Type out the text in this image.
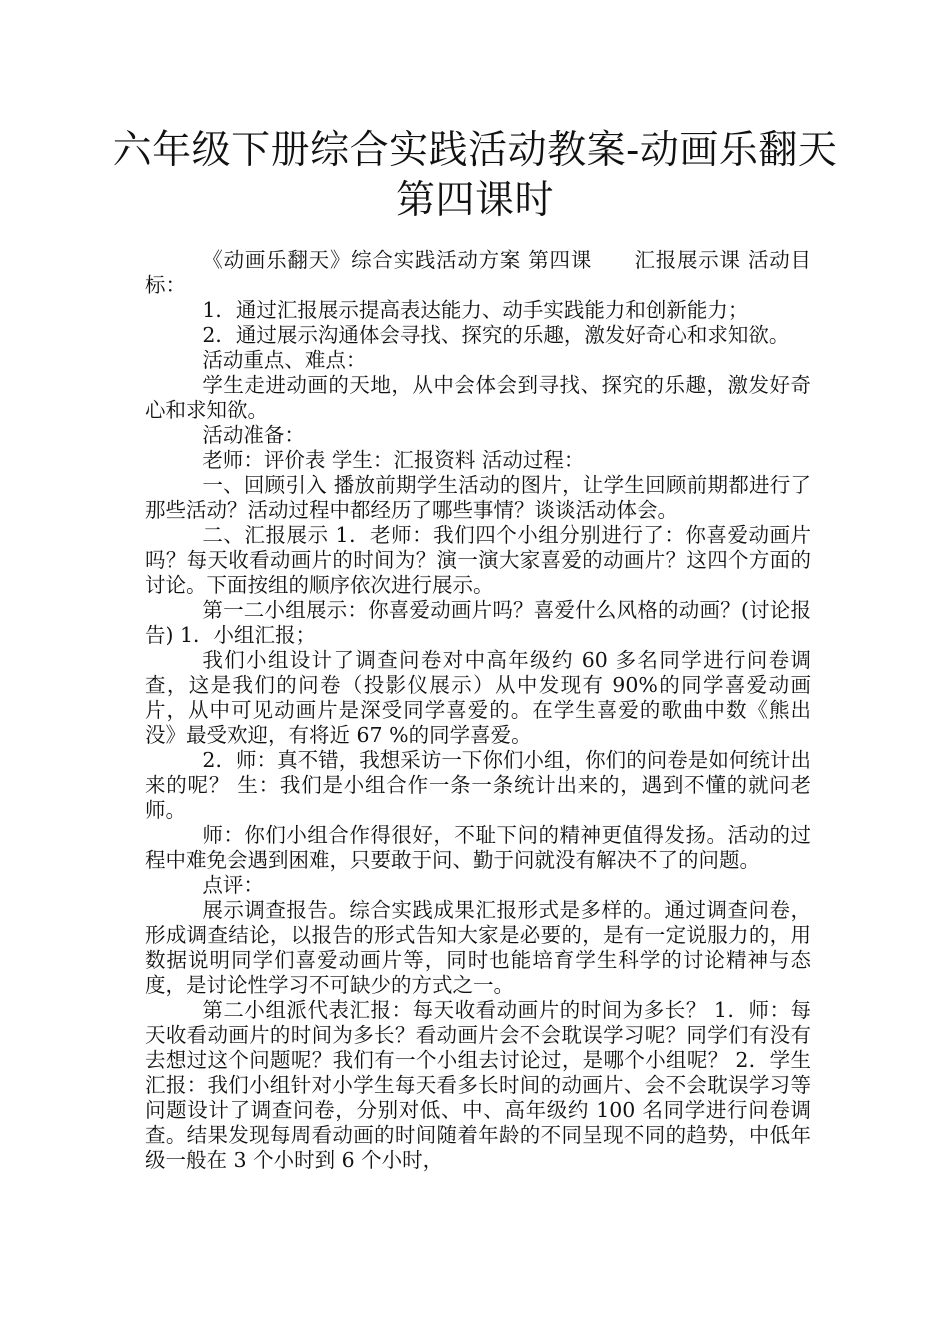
六年级下册综合实践活动教案-动画乐翻天
第四课时

《动画乐翻天》综合实践活动方案 第四课　　汇报展示课 活动目标：

1．通过汇报展示提高表达能力、动手实践能力和创新能力；

2．通过展示沟通体会寻找、探究的乐趣，激发好奇心和求知欲。

活动重点、难点：

学生走进动画的天地，从中会体会到寻找、探究的乐趣，激发好奇心和求知欲。

活动准备：

老师：评价表 学生：汇报资料 活动过程：

一、回顾引入 播放前期学生活动的图片，让学生回顾前期都进行了那些活动？活动过程中都经历了哪些事情？谈谈活动体会。

二、汇报展示 1．老师：我们四个小组分别进行了：你喜爱动画片吗？每天收看动画片的时间为？演一演大家喜爱的动画片？这四个方面的讨论。下面按组的顺序依次进行展示。

第一二小组展示：你喜爱动画片吗？喜爱什么风格的动画？(讨论报告) 1．小组汇报；

我们小组设计了调查问卷对中高年级约 60 多名同学进行问卷调查，这是我们的问卷（投影仪展示）从中发现有 90%的同学喜爱动画片，从中可见动画片是深受同学喜爱的。在学生喜爱的歌曲中数《熊出没》最受欢迎，有将近 67 %的同学喜爱。

2．师：真不错，我想采访一下你们小组，你们的问卷是如何统计出来的呢？ 生：我们是小组合作一条一条统计出来的，遇到不懂的就问老师。

师：你们小组合作得很好，不耻下问的精神更值得发扬。活动的过程中难免会遇到困难，只要敢于问、勤于问就没有解决不了的问题。

点评：

展示调查报告。综合实践成果汇报形式是多样的。通过调查问卷，形成调查结论，以报告的形式告知大家是必要的，是有一定说服力的，用数据说明同学们喜爱动画片等，同时也能培育学生科学的讨论精神与态度，是讨论性学习不可缺少的方式之一。

第二小组派代表汇报：每天收看动画片的时间为多长？ 1．师：每天收看动画片的时间为多长？看动画片会不会耽误学习呢？同学们有没有去想过这个问题呢？我们有一个小组去讨论过，是哪个小组呢？ 2．学生汇报：我们小组针对小学生每天看多长时间的动画片、会不会耽误学习等问题设计了调查问卷，分别对低、中、高年级约 100 名同学进行问卷调查。结果发现每周看动画的时间随着年龄的不同呈现不同的趋势，中低年级一般在 3 个小时到 6 个小时，
